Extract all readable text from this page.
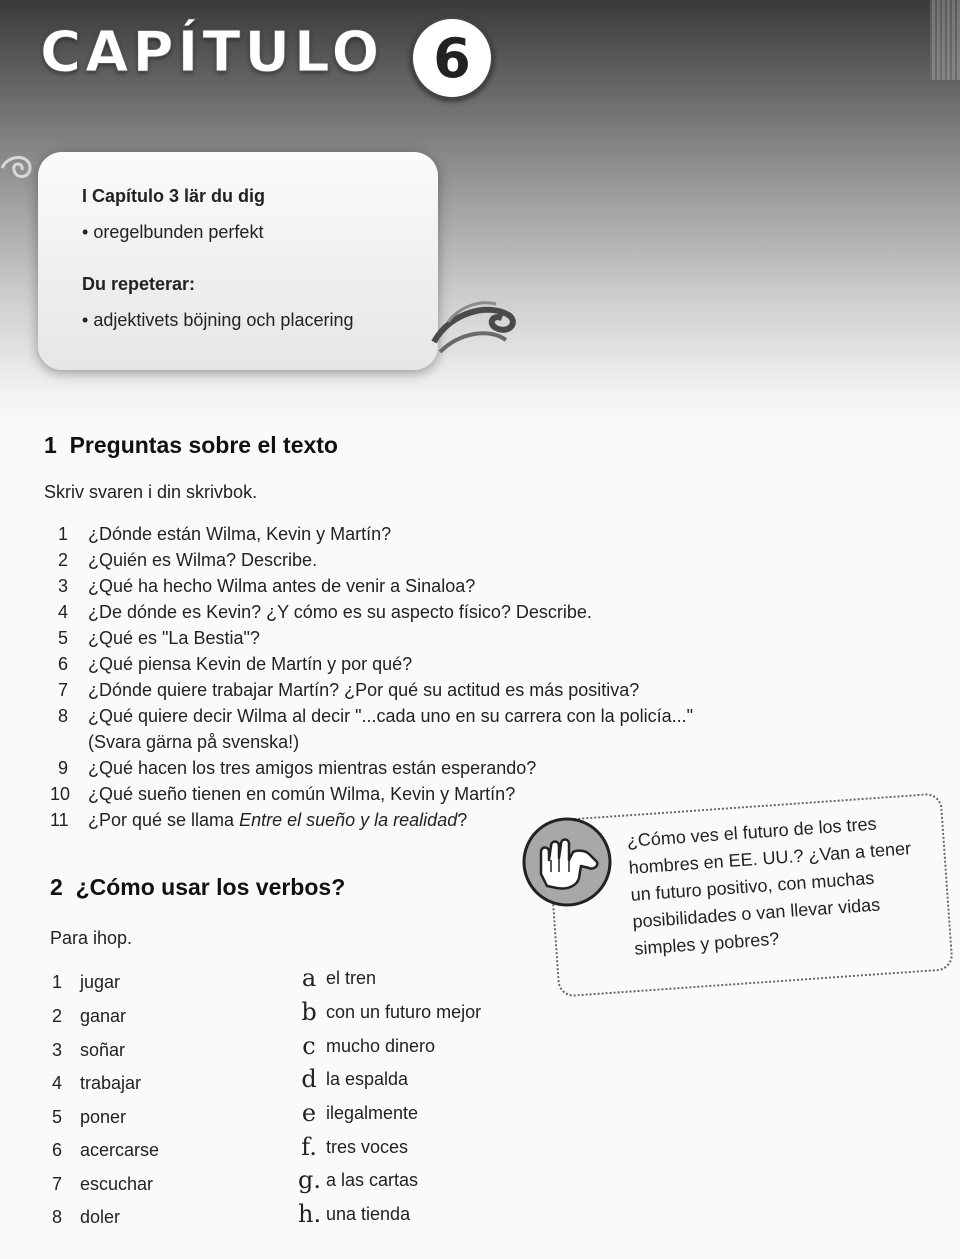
CAPÍTULO 6
I Capítulo 3 lär du dig
• oregelbunden perfekt
Du repeterar:
• adjektivets böjning och placering
1 Preguntas sobre el texto
Skriv svaren i din skrivbok.
1 ¿Dónde están Wilma, Kevin y Martín?
2 ¿Quién es Wilma? Describe.
3 ¿Qué ha hecho Wilma antes de venir a Sinaloa?
4 ¿De dónde es Kevin? ¿Y cómo es su aspecto físico? Describe.
5 ¿Qué es "La Bestia"?
6 ¿Qué piensa Kevin de Martín y por qué?
7 ¿Dónde quiere trabajar Martín? ¿Por qué su actitud es más positiva?
8 ¿Qué quiere decir Wilma al decir "...cada uno en su carrera con la policía..."
(Svara gärna på svenska!)
9 ¿Qué hacen los tres amigos mientras están esperando?
10 ¿Qué sueño tienen en común Wilma, Kevin y Martín?
11 ¿Por qué se llama Entre el sueño y la realidad?	¿Cómo ves el futuro de los tres hombres en EE. UU.? ¿Van a tener un futuro positivo, con muchas posibilidades o van llevar vidas simples y pobres?
2 ¿Cómo usar los verbos?
Para ihop.
1 jugar
2 ganar
3 soñar
4 trabajar
5 poner
6 acercarse
7 escuchar
8 doler
a el tren
b con un futuro mejor
c mucho dinero
d la espalda
e ilegalmente
f. tres voces
g. a las cartas
h. una tienda
